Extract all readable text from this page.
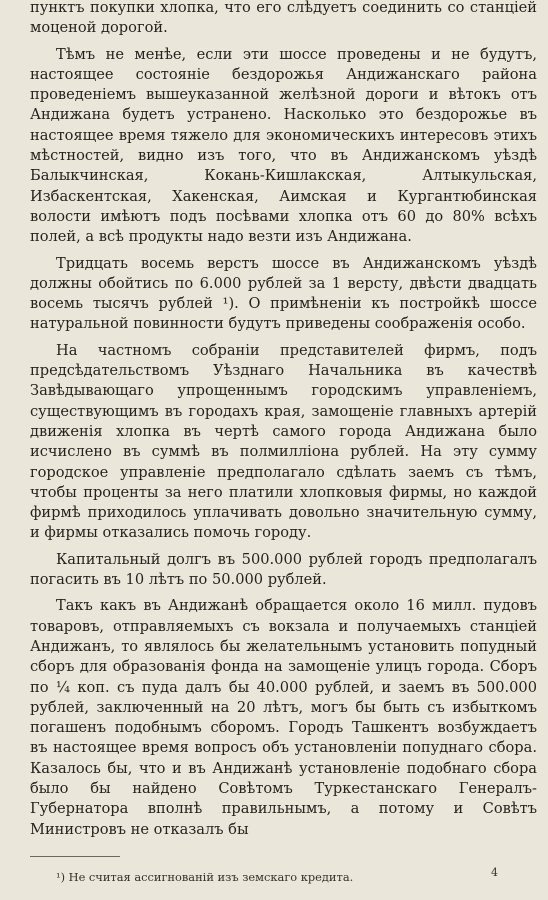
пунктъ покупки хлопка, что его слѣдуетъ соединить со станціей моценой дорогой.

Тѣмъ не менѣе, если эти шоссе проведены и не будутъ, настоящее состояніе бездорожья Андижанскаго района проведеніемъ вышеуказанной желѣзной дороги и вѣтокъ отъ Андижана будетъ устранено. Насколько это бездорожье въ настоящее время тяжело для экономическихъ интересовъ этихъ мѣстностей, видно изъ того, что въ Андижанскомъ уѣздѣ Балыкчинская, Кокань-Кишлакская, Алтыкульская, Избаскентская, Хакенская, Аимская и Кургантюбинская волости имѣютъ подъ посѣвами хлопка отъ 60 до 80% всѣхъ полей, а всѣ продукты надо везти изъ Андижана.

Тридцать восемь верстъ шоссе въ Андижанскомъ уѣздѣ должны обойтись по 6.000 рублей за 1 версту, двѣсти двадцать восемь тысячъ рублей ¹). О примѣненіи къ постройкѣ шоссе натуральной повинности будутъ приведены соображенія особо.

На частномъ собраніи представителей фирмъ, подъ предсѣдательствомъ Уѣзднаго Начальника въ качествѣ Завѣдывающаго упрощеннымъ городскимъ управленіемъ, существующимъ въ городахъ края, замощеніе главныхъ артерій движенія хлопка въ чертѣ самого города Андижана было исчислено въ суммѣ въ полмилліона рублей. На эту сумму городское управленіе предполагало сдѣлать заемъ съ тѣмъ, чтобы проценты за него платили хлопковыя фирмы, но каждой фирмѣ приходилось уплачивать довольно значительную сумму, и фирмы отказались помочь городу.

Капитальный долгъ въ 500.000 рублей городъ предполагалъ погасить въ 10 лѣтъ по 50.000 рублей.

Такъ какъ въ Андижанѣ обращается около 16 милл. пудовъ товаровъ, отправляемыхъ съ вокзала и получаемыхъ станціей Андижанъ, то являлось бы желательнымъ установить попудный сборъ для образованія фонда на замощеніе улицъ города. Сборъ по ¼ коп. съ пуда далъ бы 40.000 рублей, и заемъ въ 500.000 рублей, заключенный на 20 лѣтъ, могъ бы быть съ избыткомъ погашенъ подобнымъ сборомъ. Городъ Ташкентъ возбуждаетъ въ настоящее время вопросъ объ установленіи попуднаго сбора. Казалось бы, что и въ Андижанѣ установленіе подобнаго сбора было бы найдено Совѣтомъ Туркестанскаго Генералъ-Губернатора вполнѣ правильнымъ, а потому и Совѣтъ Министровъ не отказалъ бы

¹) Не считая ассигнованій изъ земскаго кредита.	4
